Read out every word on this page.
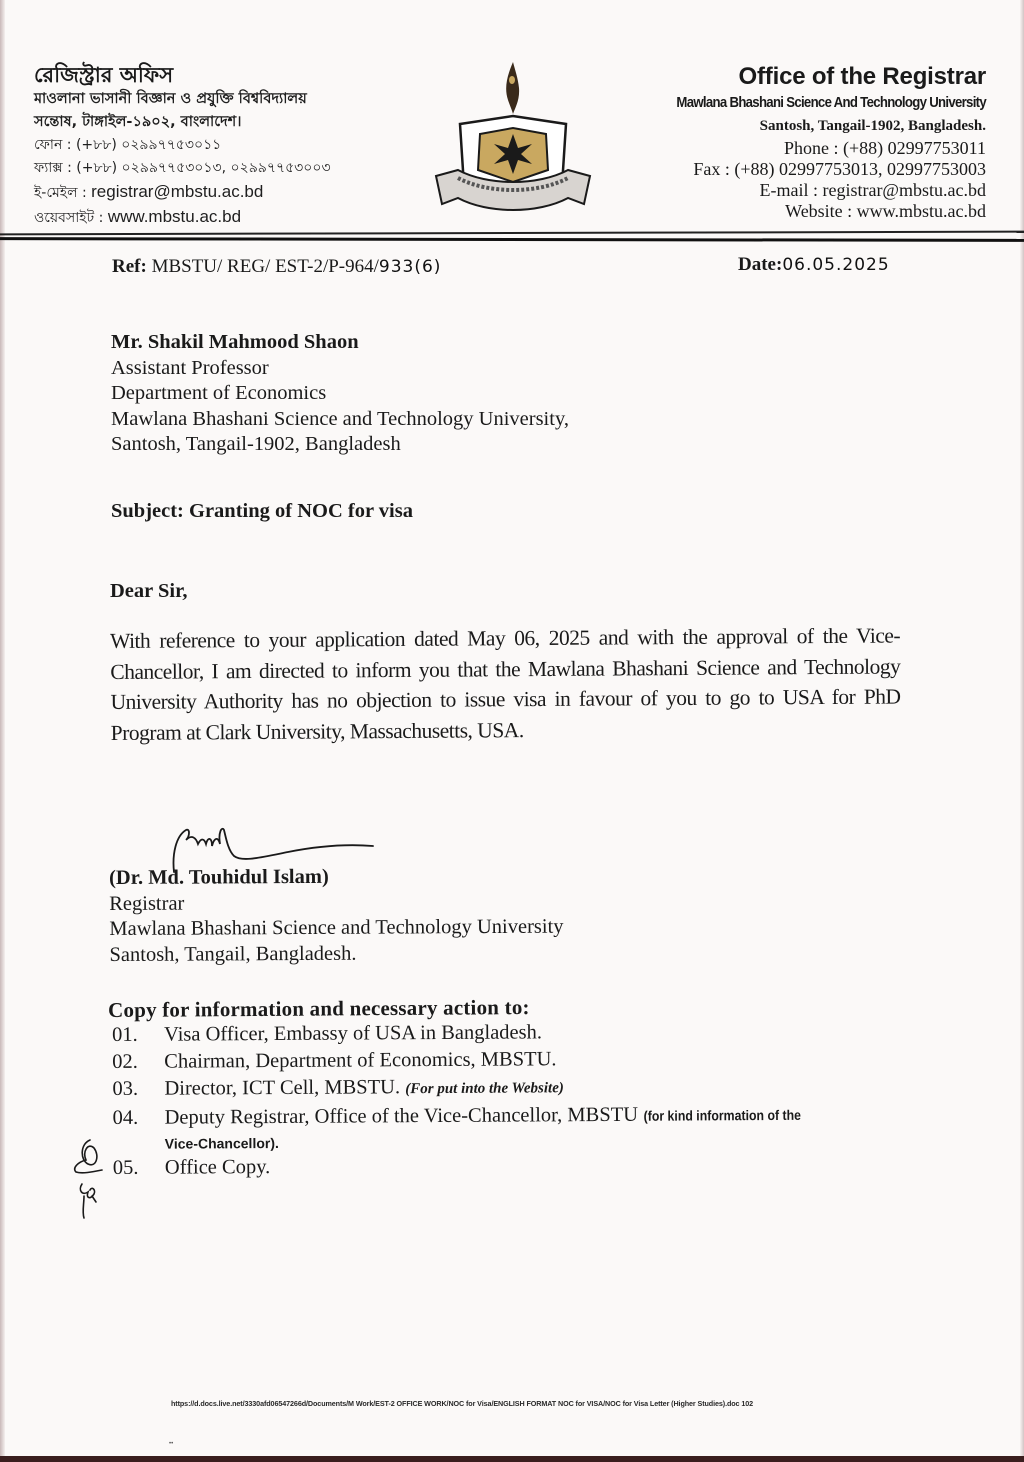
রেজিস্ট্রার অফিস
মাওলানা ভাসানী বিজ্ঞান ও প্রযুক্তি বিশ্ববিদ্যালয়
সন্তোষ, টাঙ্গাইল-১৯০২, বাংলাদেশ।
ফোন : (+৮৮) ০২৯৯৭৭৫৩০১১
ফ্যাক্স : (+৮৮) ০২৯৯৭৭৫৩০১৩, ০২৯৯৭৭৫৩০০৩
ই-মেইল : registrar@mbstu.ac.bd
ওয়েবসাইট : www.mbstu.ac.bd
Office of the Registrar
Mawlana Bhashani Science And Technology University
Santosh, Tangail-1902, Bangladesh.
Phone : (+88) 02997753011
Fax : (+88) 02997753013, 02997753003
E-mail : registrar@mbstu.ac.bd
Website : www.mbstu.ac.bd
Ref: MBSTU/ REG/ EST-2/P-964/933(6)	Date:06.05.2025
Mr. Shakil Mahmood Shaon
Assistant Professor
Department of Economics
Mawlana Bhashani Science and Technology University,
Santosh, Tangail-1902, Bangladesh
Subject: Granting of NOC for visa
Dear Sir,
With reference to your application dated May 06, 2025 and with the approval of the Vice-Chancellor, I am directed to inform you that the Mawlana Bhashani Science and Technology University Authority has no objection to issue visa in favour of you to go to USA for PhD Program at Clark University, Massachusetts, USA.
(Dr. Md. Touhidul Islam)
Registrar
Mawlana Bhashani Science and Technology University
Santosh, Tangail, Bangladesh.
Copy for information and necessary action to:
01.	Visa Officer, Embassy of USA in Bangladesh.
02.	Chairman, Department of Economics, MBSTU.
03.	Director, ICT Cell, MBSTU. (For put into the Website)
04.	Deputy Registrar, Office of the Vice-Chancellor, MBSTU (for kind information of the
Vice-Chancellor).
05.	Office Copy.
https://d.docs.live.net/3330afd06547266d/Documents/M Work/EST-2 OFFICE WORK/NOC for Visa/ENGLISH FORMAT NOC for VISA/NOC for Visa Letter (Higher Studies).doc 102
••
